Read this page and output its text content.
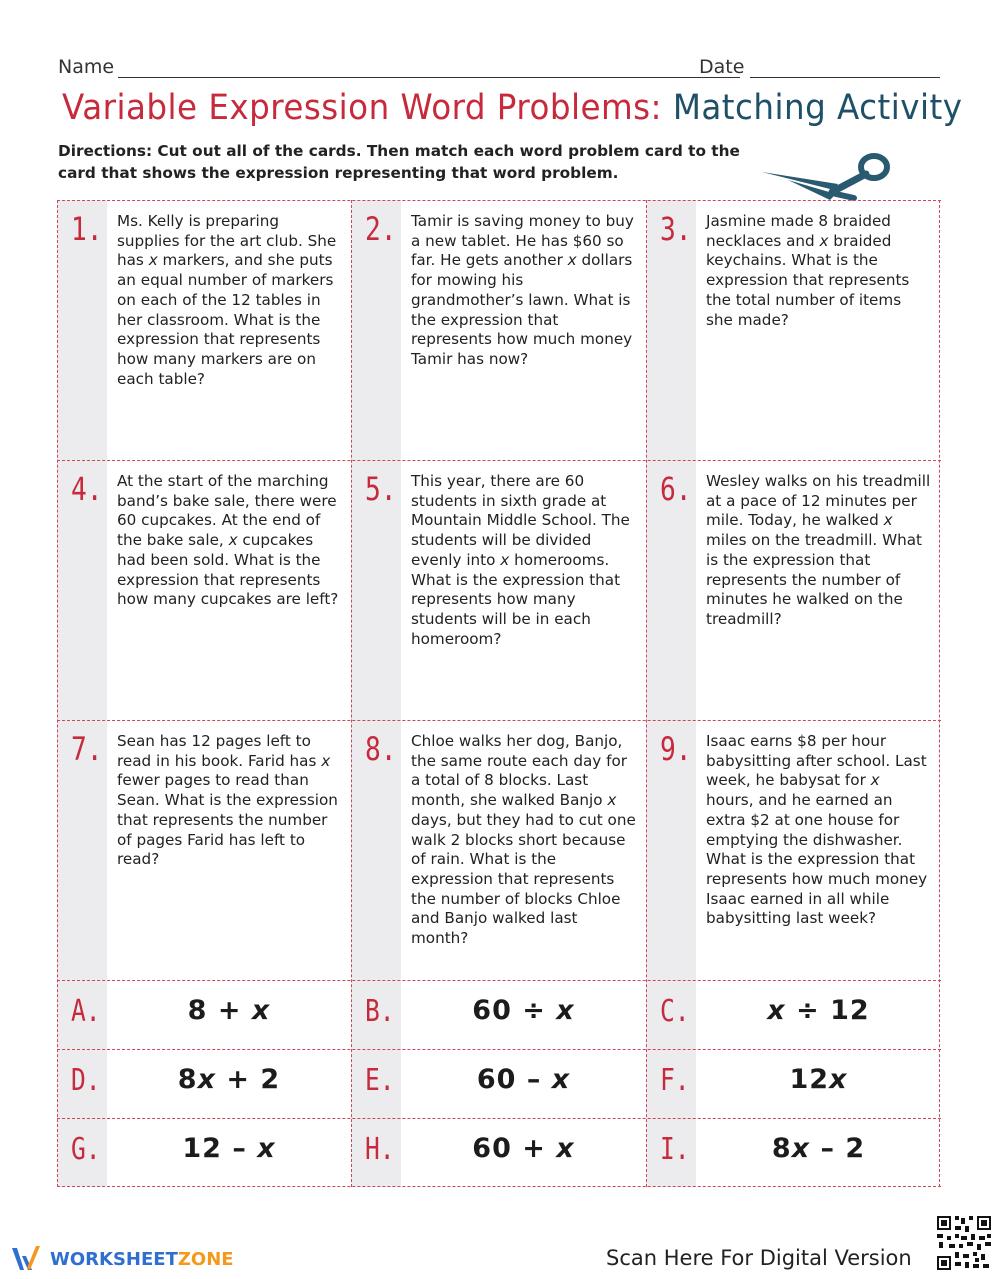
Name	Date
Variable Expression Word Problems: Matching Activity
Directions: Cut out all of the cards. Then match each word problem card to the card that shows the expression representing that word problem.
1. Ms. Kelly is preparing supplies for the art club. She has x markers, and she puts an equal number of markers on each of the 12 tables in her classroom. What is the expression that represents how many markers are on each table?
2. Tamir is saving money to buy a new tablet. He has $60 so far. He gets another x dollars for mowing his grandmother’s lawn. What is the expression that represents how much money Tamir has now?
3. Jasmine made 8 braided necklaces and x braided keychains. What is the expression that represents the total number of items she made?
4. At the start of the marching band’s bake sale, there were 60 cupcakes. At the end of the bake sale, x cupcakes had been sold. What is the expression that represents how many cupcakes are left?
5. This year, there are 60 students in sixth grade at Mountain Middle School. The students will be divided evenly into x homerooms. What is the expression that represents how many students will be in each homeroom?
6. Wesley walks on his treadmill at a pace of 12 minutes per mile. Today, he walked x miles on the treadmill. What is the expression that represents the number of minutes he walked on the treadmill?
7. Sean has 12 pages left to read in his book. Farid has x fewer pages to read than Sean. What is the expression that represents the number of pages Farid has left to read?
8. Chloe walks her dog, Banjo, the same route each day for a total of 8 blocks. Last month, she walked Banjo x days, but they had to cut one walk 2 blocks short because of rain. What is the expression that represents the number of blocks Chloe and Banjo walked last month?
9. Isaac earns $8 per hour babysitting after school. Last week, he babysat for x hours, and he earned an extra $2 at one house for emptying the dishwasher. What is the expression that represents how much money Isaac earned in all while babysitting last week?
A.	8 + x	B.	60 ÷ x	C.	x ÷ 12
D.	8x + 2	E.	60 – x	F.	12x
G.	12 – x	H.	60 + x	I.	8x – 2
WORKSHEETZONE	Scan Here For Digital Version
